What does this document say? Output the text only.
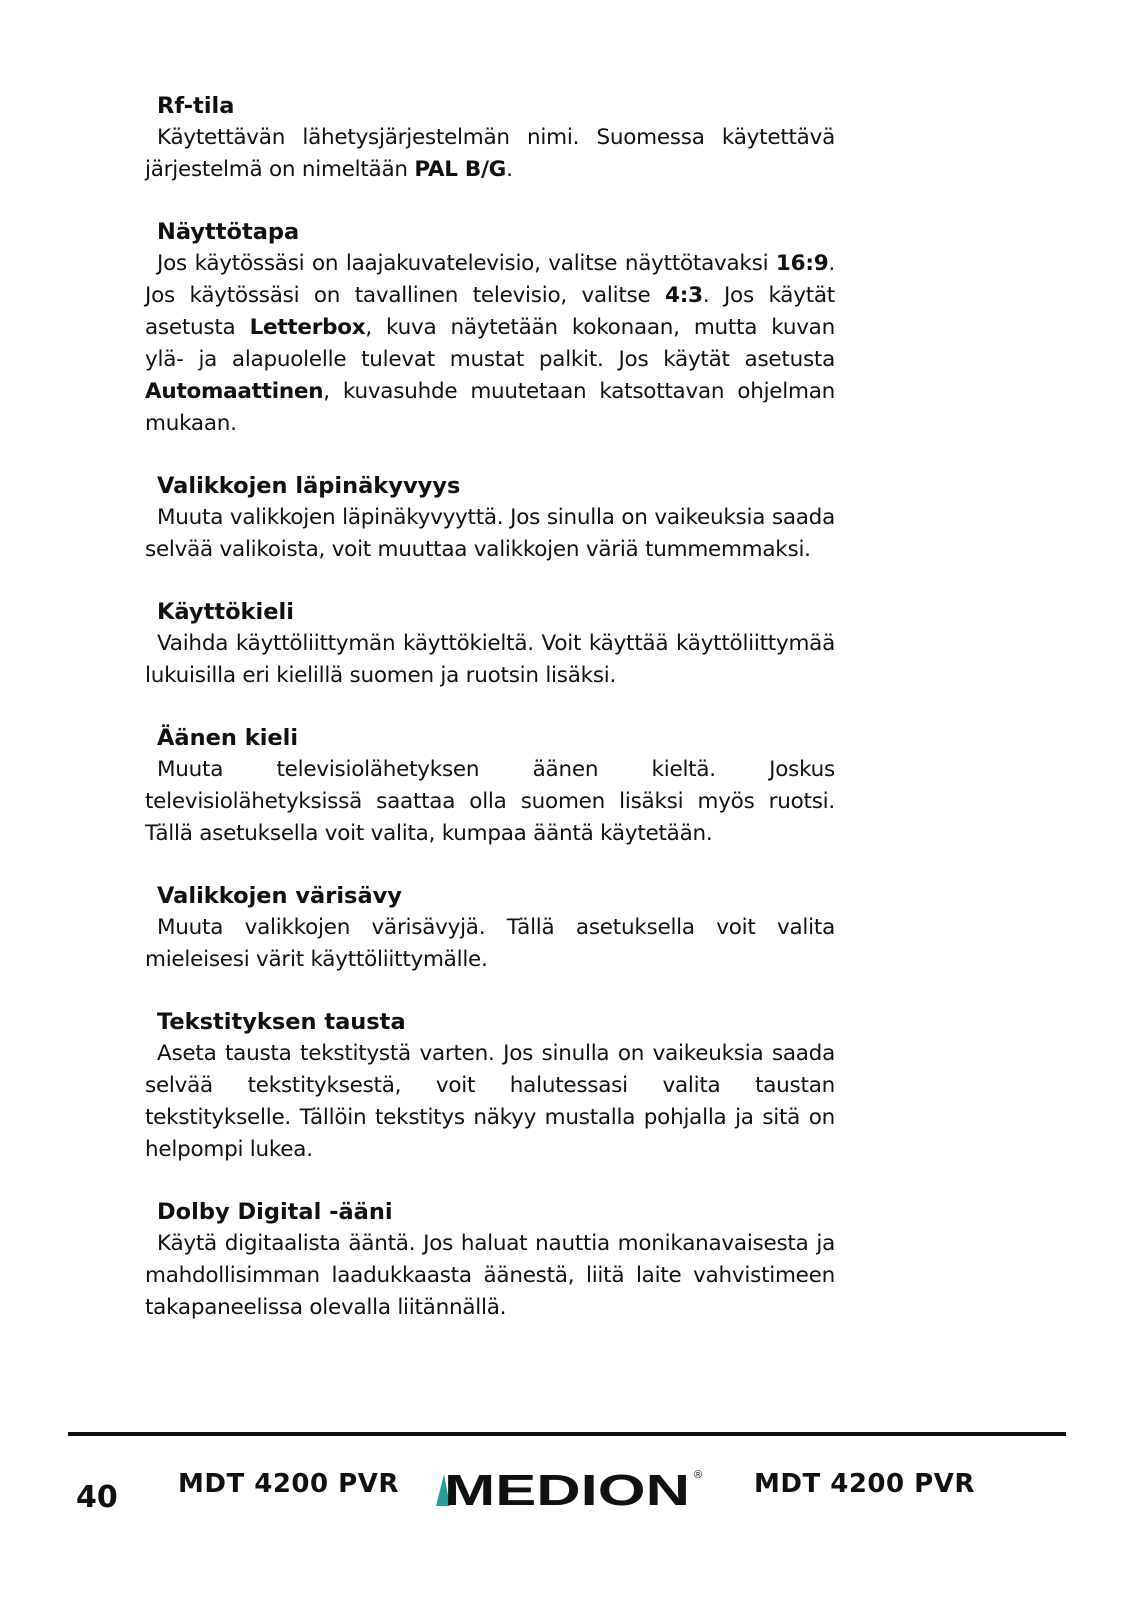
Rf-tila

Käytettävän lähetysjärjestelmän nimi. Suomessa käytettävä järjestelmä on nimeltään PAL B/G.

Näyttötapa

Jos käytössäsi on laajakuvatelevisio, valitse näyttötavaksi 16:9. Jos käytössäsi on tavallinen televisio, valitse 4:3. Jos käytät asetusta Letterbox, kuva näytetään kokonaan, mutta kuvan ylä- ja alapuolelle tulevat mustat palkit. Jos käytät asetusta Automaattinen, kuvasuhde muutetaan katsottavan ohjelman mukaan.

Valikkojen läpinäkyvyys

Muuta valikkojen läpinäkyvyyttä. Jos sinulla on vaikeuksia saada selvää valikoista, voit muuttaa valikkojen väriä tummemmaksi.

Käyttökieli

Vaihda käyttöliittymän käyttökieltä. Voit käyttää käyttöliittymää lukuisilla eri kielillä suomen ja ruotsin lisäksi.

Äänen kieli

Muuta televisiolähetyksen äänen kieltä. Joskus televisiolähetyksissä saattaa olla suomen lisäksi myös ruotsi. Tällä asetuksella voit valita, kumpaa ääntä käytetään.

Valikkojen värisävy

Muuta valikkojen värisävyjä. Tällä asetuksella voit valita mieleisesi värit käyttöliittymälle.

Tekstityksen tausta

Aseta tausta tekstitystä varten. Jos sinulla on vaikeuksia saada selvää tekstityksestä, voit halutessasi valita taustan tekstitykselle. Tällöin tekstitys näkyy mustalla pohjalla ja sitä on helpompi lukea.

Dolby Digital -ääni

Käytä digitaalista ääntä. Jos haluat nauttia monikanavaisesta ja mahdollisimman laadukkaasta äänestä, liitä laite vahvistimeen takapaneelissa olevalla liitännällä.

40 MDT 4200 PVR MEDION ® MDT 4200 PVR
